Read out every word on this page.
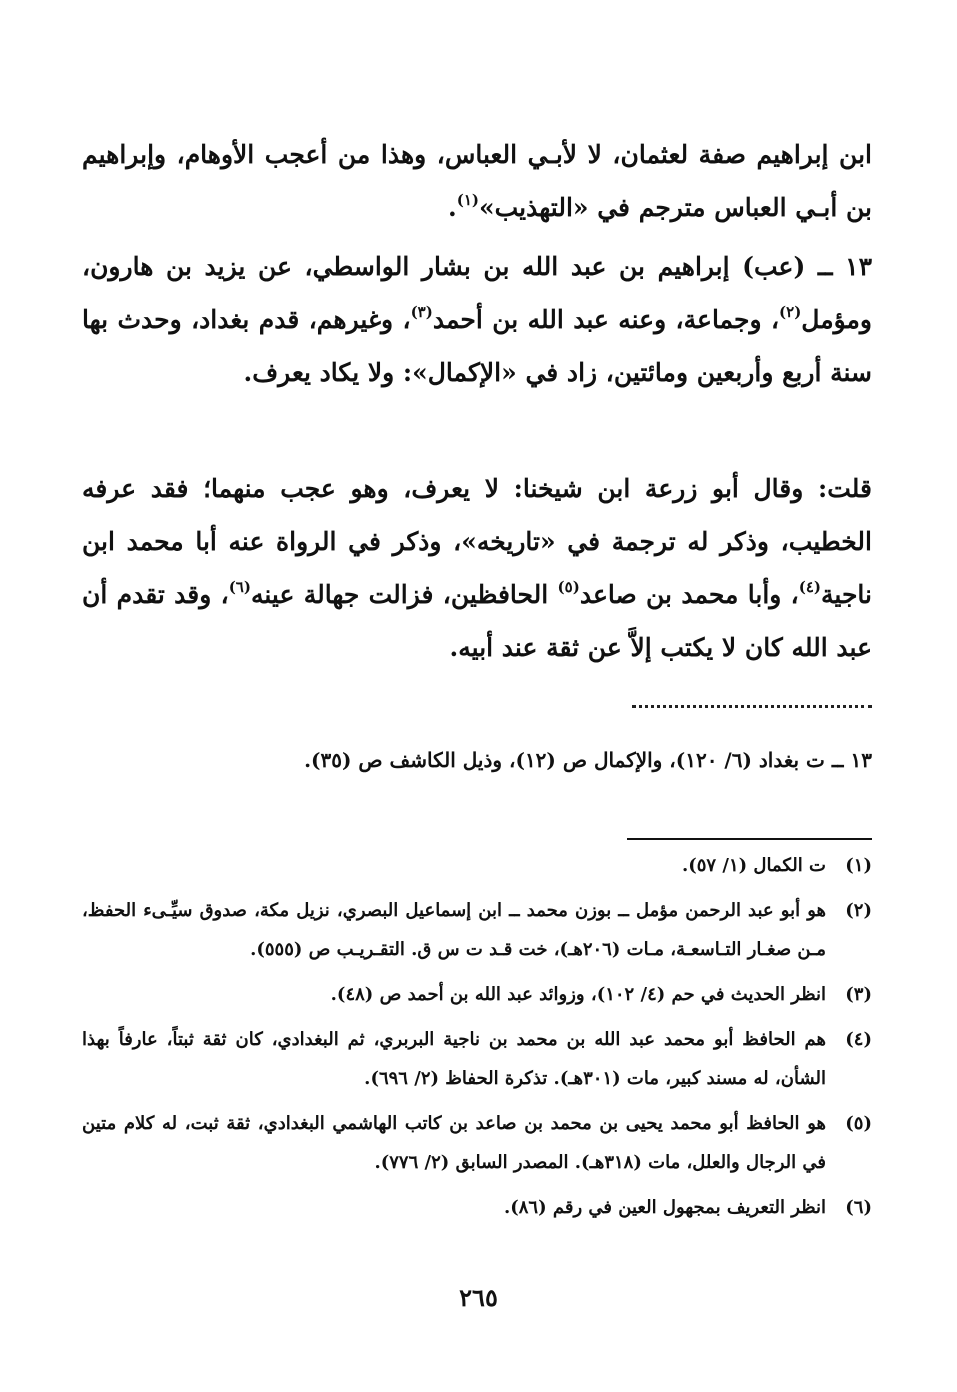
ابن إبراهيم صفة لعثمان، لا لأبـي العباس، وهذا من أعجب الأوهام، وإبراهيم بن أبـي العباس مترجم في «التهذيب»$^{(١)}$.

١٣ ــ (عب) إبراهيم بن عبد الله بن بشار الواسطي، عن يزيد بن هارون، ومؤمل$^{(٢)}$، وجماعة، وعنه عبد الله بن أحمد$^{(٣)}$، وغيرهم، قدم بغداد، وحدث بها سنة أربع وأربعين ومائتين، زاد في «الإكمال»: ولا يكاد يعرف.

قلت: وقال أبو زرعة ابن شيخنا: لا يعرف، وهو عجب منهما؛ فقد عرفه الخطيب، وذكر له ترجمة في «تاريخه»، وذكر في الرواة عنه أبا محمد ابن ناجية$^{(٤)}$، وأبا محمد بن صاعد$^{(٥)}$ الحافظين، فزالت جهالة عينه$^{(٦)}$، وقد تقدم أن عبد الله كان لا يكتب إلاَّ عن ثقة عند أبيه.

١٣ ــ ت بغداد (٦/ ١٢٠)، والإكمال ص (١٢)، وذيل الكاشف ص (٣٥).
(١)
ت الكمال (١/ ٥٧).
(٢)
هو أبو عبد الرحمن مؤمل ــ بوزن محمد ــ ابن إسماعيل البصري، نزيل مكة، صدوق سيِّـىء الحفظ، مـن صغـار التـاسعـة، مـات (٢٠٦هـ)، خت قـد ت س ق. التقـريـب ص (٥٥٥).
(٣)
انظر الحديث في حم (٤/ ١٠٢)، وزوائد عبد الله بن أحمد ص (٤٨).
(٤)
هم الحافظ أبو محمد عبد الله بن محمد بن ناجية البربري، ثم البغدادي، كان ثقة ثبتاً، عارفاً بهذا الشأن، له مسند كبير، مات (٣٠١هـ). تذكرة الحفاظ (٢/ ٦٩٦).
(٥)
هو الحافظ أبو محمد يحيى بن محمد بن صاعد بن كاتب الهاشمي البغدادي، ثقة ثبت، له كلام متين في الرجال والعلل، مات (٣١٨هـ). المصدر السابق (٢/ ٧٧٦).
(٦)
انظر التعريف بمجهول العين في رقم (٨٦).
٢٦٥
